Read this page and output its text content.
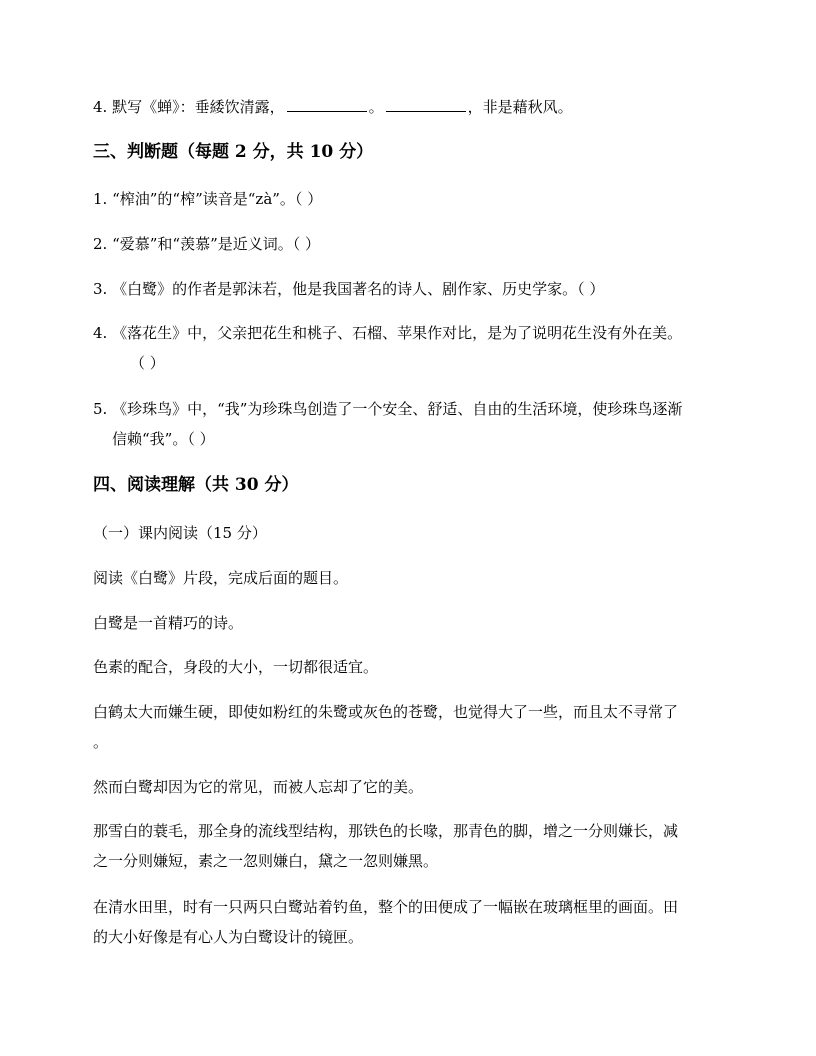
4. 默写《蝉》：垂緌饮清露，	。	，非是藉秋风。
三、判断题（每题 2 分，共 10 分）
1. “榨油”的“榨”读音是“zà”。（ ）
2. “爱慕”和“羡慕”是近义词。（ ）
3. 《白鹭》的作者是郭沫若，他是我国著名的诗人、剧作家、历史学家。（ ）
4. 《落花生》中，父亲把花生和桃子、石榴、苹果作对比，是为了说明花生没有外在美。
（ ）
5. 《珍珠鸟》中，“我”为珍珠鸟创造了一个安全、舒适、自由的生活环境，使珍珠鸟逐渐
信赖“我”。（ ）
四、阅读理解（共 30 分）
（一）课内阅读（15 分）
阅读《白鹭》片段，完成后面的题目。
白鹭是一首精巧的诗。
色素的配合，身段的大小，一切都很适宜。
白鹤太大而嫌生硬，即使如粉红的朱鹭或灰色的苍鹭，也觉得大了一些，而且太不寻常了
。
然而白鹭却因为它的常见，而被人忘却了它的美。
那雪白的蓑毛，那全身的流线型结构，那铁色的长喙，那青色的脚，增之一分则嫌长，减
之一分则嫌短，素之一忽则嫌白，黛之一忽则嫌黑。
在清水田里，时有一只两只白鹭站着钓鱼，整个的田便成了一幅嵌在玻璃框里的画面。田
的大小好像是有心人为白鹭设计的镜匣。
